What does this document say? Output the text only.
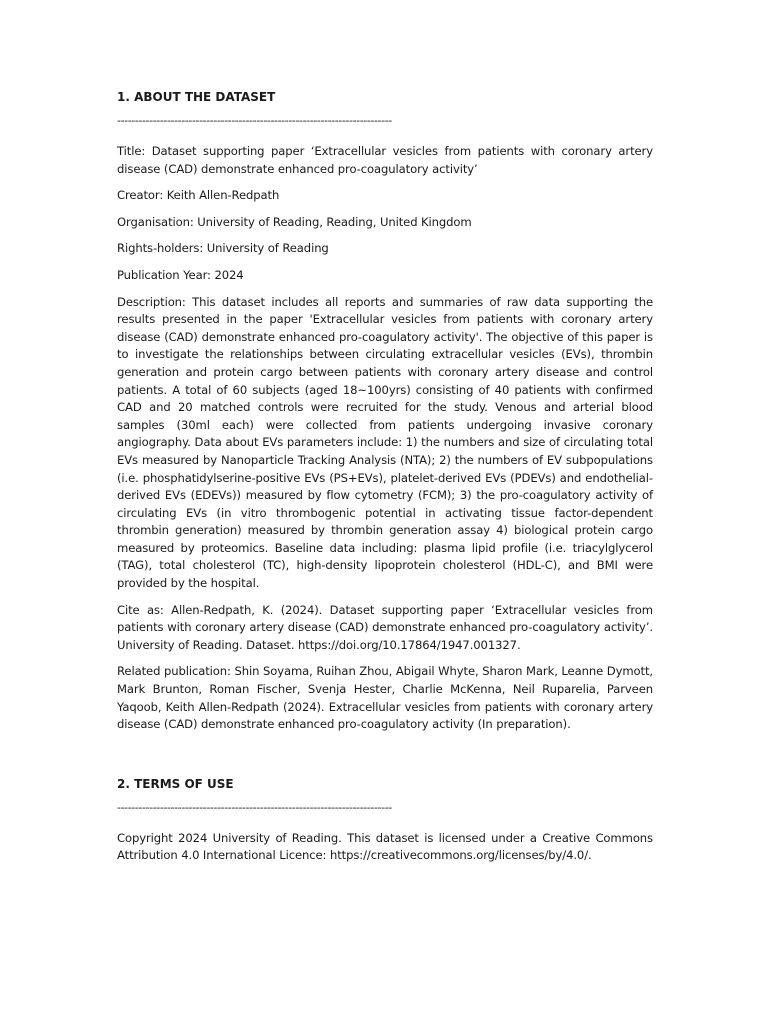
1. ABOUT THE DATASET
-----------------------------------------------------------------------------

Title: Dataset supporting paper ‘Extracellular vesicles from patients with coronary artery disease (CAD) demonstrate enhanced pro-coagulatory activity’

Creator: Keith Allen-Redpath

Organisation: University of Reading, Reading, United Kingdom

Rights-holders: University of Reading

Publication Year: 2024

Description: This dataset includes all reports and summaries of raw data supporting the results presented in the paper 'Extracellular vesicles from patients with coronary artery disease (CAD) demonstrate enhanced pro-coagulatory activity'. The objective of this paper is to investigate the relationships between circulating extracellular vesicles (EVs), thrombin generation and protein cargo between patients with coronary artery disease and control patients. A total of 60 subjects (aged 18~100yrs) consisting of 40 patients with confirmed CAD and 20 matched controls were recruited for the study. Venous and arterial blood samples (30ml each) were collected from patients undergoing invasive coronary angiography. Data about EVs parameters include: 1) the numbers and size of circulating total EVs measured by Nanoparticle Tracking Analysis (NTA); 2) the numbers of EV subpopulations (i.e. phosphatidylserine-positive EVs (PS+EVs), platelet-derived EVs (PDEVs) and endothelial-derived EVs (EDEVs)) measured by flow cytometry (FCM); 3) the pro-coagulatory activity of circulating EVs (in vitro thrombogenic potential in activating tissue factor-dependent thrombin generation) measured by thrombin generation assay 4) biological protein cargo measured by proteomics. Baseline data including: plasma lipid profile (i.e. triacylglycerol (TAG), total cholesterol (TC), high-density lipoprotein cholesterol (HDL-C), and BMI were provided by the hospital.

Cite as: Allen-Redpath, K. (2024). Dataset supporting paper ‘Extracellular vesicles from patients with coronary artery disease (CAD) demonstrate enhanced pro-coagulatory activity’. University of Reading. Dataset. https://doi.org/10.17864/1947.001327.

Related publication: Shin Soyama, Ruihan Zhou, Abigail Whyte, Sharon Mark, Leanne Dymott, Mark Brunton, Roman Fischer, Svenja Hester, Charlie McKenna, Neil Ruparelia, Parveen Yaqoob, Keith Allen-Redpath (2024). Extracellular vesicles from patients with coronary artery disease (CAD) demonstrate enhanced pro-coagulatory activity (In preparation).

2. TERMS OF USE
-----------------------------------------------------------------------------

Copyright 2024 University of Reading. This dataset is licensed under a Creative Commons Attribution 4.0 International Licence: https://creativecommons.org/licenses/by/4.0/.
